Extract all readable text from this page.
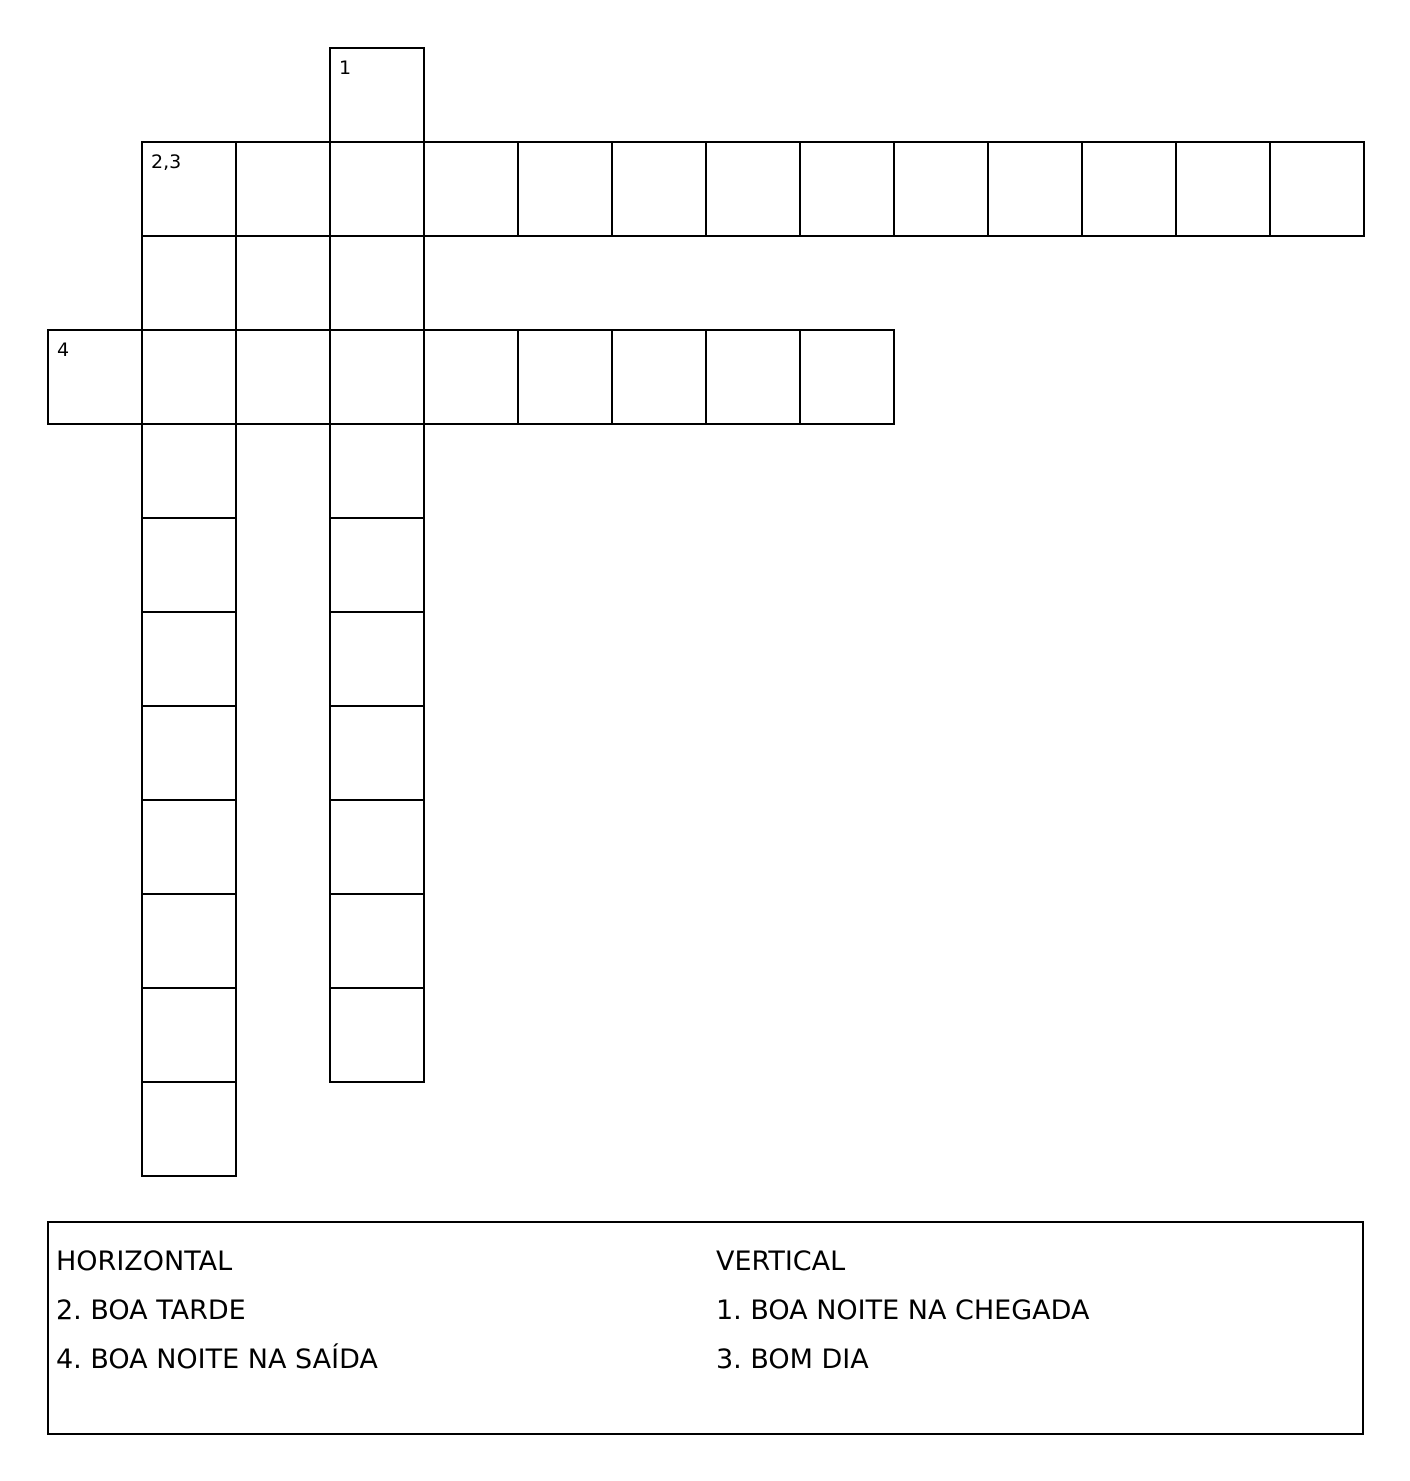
1
2,3
4

HORIZONTAL

2. BOA TARDE

4. BOA NOITE NA SAÍDA

VERTICAL

1. BOA NOITE NA CHEGADA

3. BOM DIA
